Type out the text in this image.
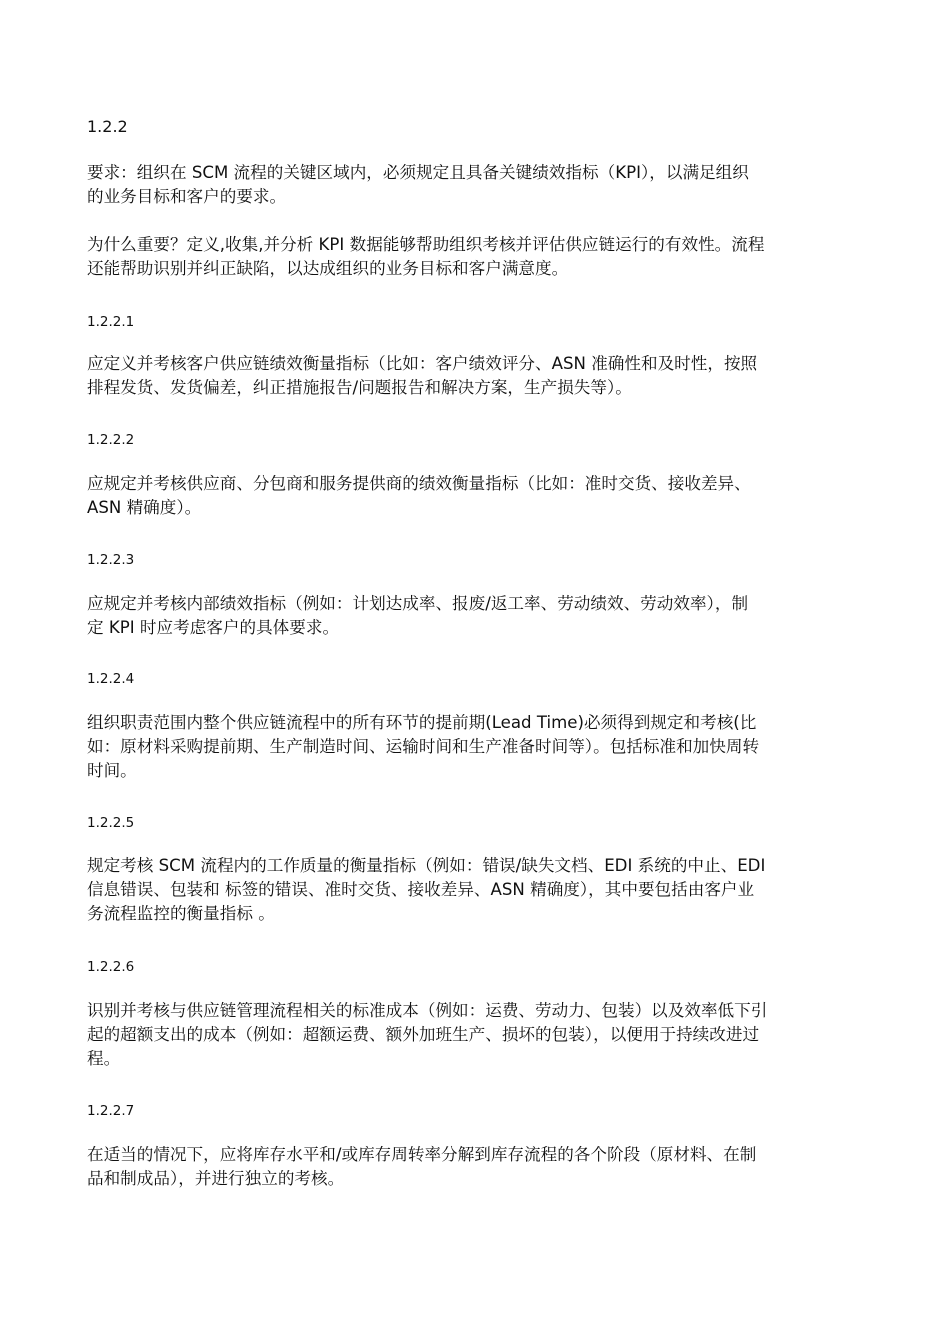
1.2.2
要求：组织在 SCM 流程的关键区域内，必须规定且具备关键绩效指标（KPI），以满足组织
的业务目标和客户的要求。
为什么重要？定义,收集,并分析 KPI 数据能够帮助组织考核并评估供应链运行的有效性。流程
还能帮助识别并纠正缺陷，以达成组织的业务目标和客户满意度。
1.2.2.1
应定义并考核客户供应链绩效衡量指标（比如：客户绩效评分、ASN 准确性和及时性，按照
排程发货、发货偏差，纠正措施报告/问题报告和解决方案，生产损失等）。
1.2.2.2
应规定并考核供应商、分包商和服务提供商的绩效衡量指标（比如：准时交货、接收差异、
ASN 精确度）。
1.2.2.3
应规定并考核内部绩效指标（例如：计划达成率、报废/返工率、劳动绩效、劳动效率），制
定 KPI 时应考虑客户的具体要求。
1.2.2.4
组织职责范围内整个供应链流程中的所有环节的提前期(Lead Time)必须得到规定和考核(比
如：原材料采购提前期、生产制造时间、运输时间和生产准备时间等）。包括标准和加快周转
时间。
1.2.2.5
规定考核 SCM 流程内的工作质量的衡量指标（例如：错误/缺失文档、EDI 系统的中止、EDI
信息错误、包装和 标签的错误、准时交货、接收差异、ASN 精确度），其中要包括由客户业
务流程监控的衡量指标 。
1.2.2.6
识别并考核与供应链管理流程相关的标准成本（例如：运费、劳动力、包装）以及效率低下引
起的超额支出的成本（例如：超额运费、额外加班生产、损坏的包装），以便用于持续改进过
程。
1.2.2.7
在适当的情况下，应将库存水平和/或库存周转率分解到库存流程的各个阶段（原材料、在制
品和制成品），并进行独立的考核。
